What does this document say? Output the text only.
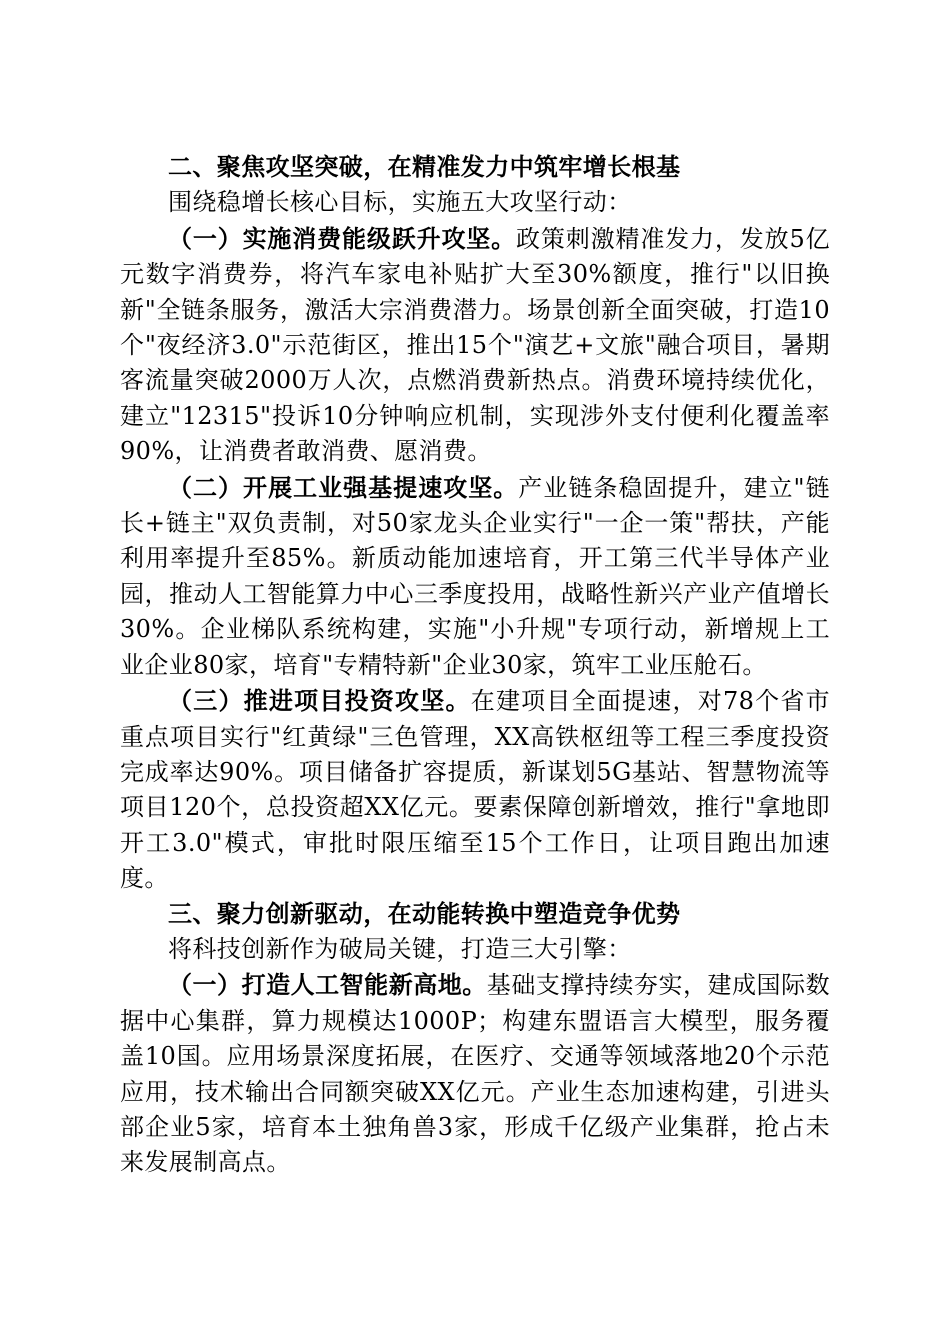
二、聚焦攻坚突破，在精准发力中筑牢增长根基

围绕稳增长核心目标，实施五大攻坚行动：

（一）实施消费能级跃升攻坚。政策刺激精准发力，发放5亿元数字消费券，将汽车家电补贴扩大至30%额度，推行"以旧换新"全链条服务，激活大宗消费潜力。场景创新全面突破，打造10个"夜经济3.0"示范街区，推出15个"演艺+文旅"融合项目，暑期客流量突破2000万人次，点燃消费新热点。消费环境持续优化，建立"12315"投诉10分钟响应机制，实现涉外支付便利化覆盖率90%，让消费者敢消费、愿消费。

（二）开展工业强基提速攻坚。产业链条稳固提升，建立"链长+链主"双负责制，对50家龙头企业实行"一企一策"帮扶，产能利用率提升至85%。新质动能加速培育，开工第三代半导体产业园，推动人工智能算力中心三季度投用，战略性新兴产业产值增长30%。企业梯队系统构建，实施"小升规"专项行动，新增规上工业企业80家，培育"专精特新"企业30家，筑牢工业压舱石。

（三）推进项目投资攻坚。在建项目全面提速，对78个省市重点项目实行"红黄绿"三色管理，XX高铁枢纽等工程三季度投资完成率达90%。项目储备扩容提质，新谋划5G基站、智慧物流等项目120个，总投资超XX亿元。要素保障创新增效，推行"拿地即开工3.0"模式，审批时限压缩至15个工作日，让项目跑出加速度。

三、聚力创新驱动，在动能转换中塑造竞争优势

将科技创新作为破局关键，打造三大引擎：

（一）打造人工智能新高地。基础支撑持续夯实，建成国际数据中心集群，算力规模达1000P；构建东盟语言大模型，服务覆盖10国。应用场景深度拓展，在医疗、交通等领域落地20个示范应用，技术输出合同额突破XX亿元。产业生态加速构建，引进头部企业5家，培育本土独角兽3家，形成千亿级产业集群，抢占未来发展制高点。
